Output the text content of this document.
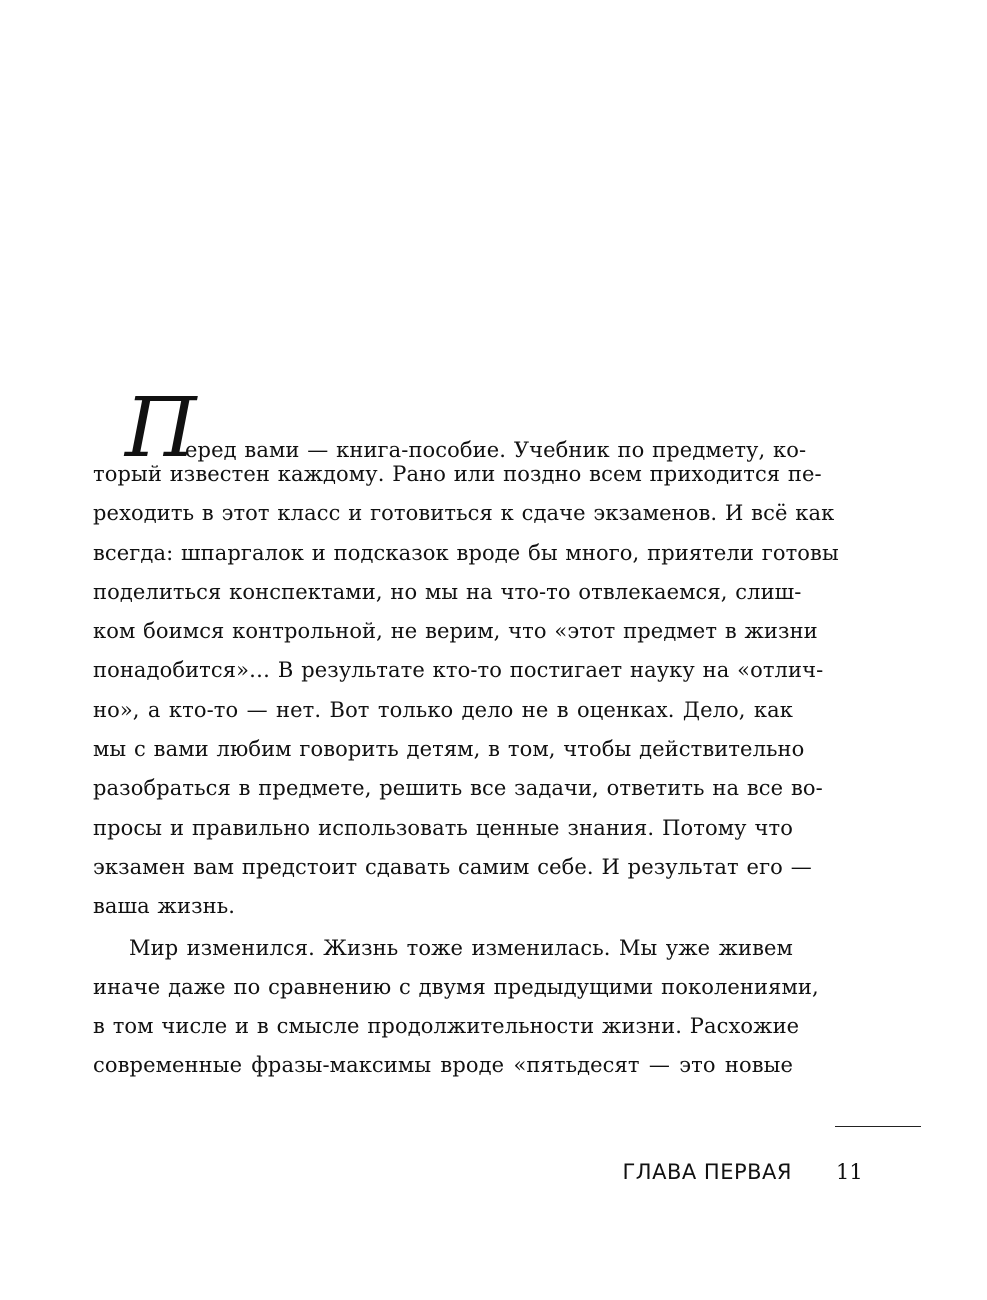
П
еред вами — книга-пособие. Учебник по предмету, ко-
торый известен каждому. Рано или поздно всем приходится пе-
реходить в этот класс и готовиться к сдаче экзаменов. И всё как
всегда: шпаргалок и подсказок вроде бы много, приятели готовы
поделиться конспектами, но мы на что-то отвлекаемся, слиш-
ком боимся контрольной, не верим, что «этот предмет в жизни
понадобится»… В результате кто-то постигает науку на «отлич-
но», а кто-то — нет. Вот только дело не в оценках. Дело, как
мы с вами любим говорить детям, в том, чтобы действительно
разобраться в предмете, решить все задачи, ответить на все во-
просы и правильно использовать ценные знания. Потому что
экзамен вам предстоит сдавать самим себе. И результат его —
ваша жизнь.
Мир изменился. Жизнь тоже изменилась. Мы уже живем
иначе даже по сравнению с двумя предыдущими поколениями,
в том числе и в смысле продолжительности жизни. Расхожие
современные фразы-максимы вроде «пятьдесят — это новые
ГЛАВА ПЕРВАЯ 11
